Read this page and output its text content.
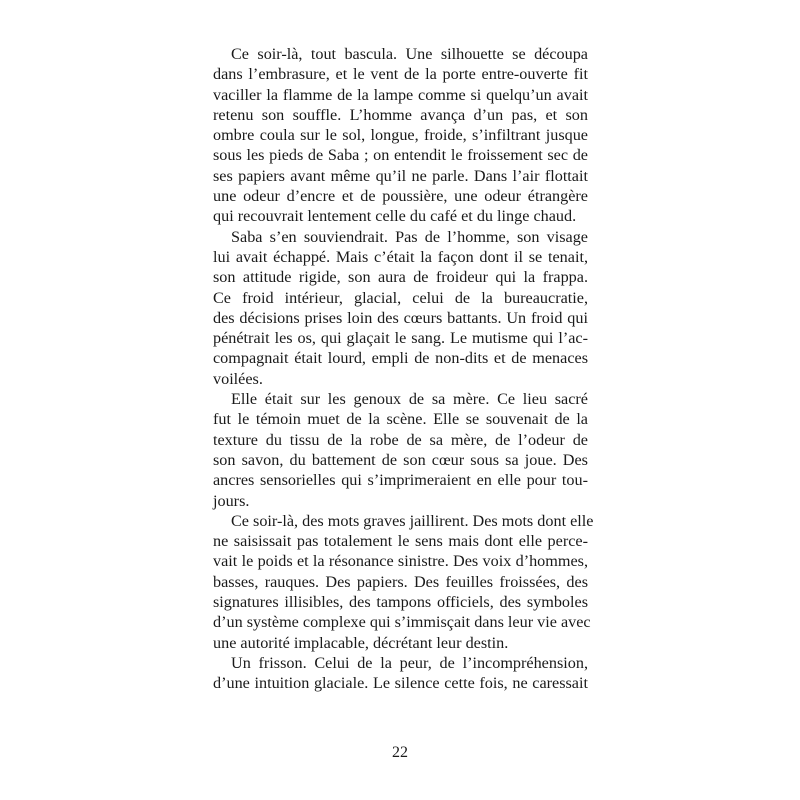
Ce soir-là, tout bascula. Une silhouette se découpa
dans l’embrasure, et le vent de la porte entre-ouverte fit
vaciller la flamme de la lampe comme si quelqu’un avait
retenu son souffle. L’homme avança d’un pas, et son
ombre coula sur le sol, longue, froide, s’infiltrant jusque
sous les pieds de Saba ; on entendit le froissement sec de
ses papiers avant même qu’il ne parle. Dans l’air flottait
une odeur d’encre et de poussière, une odeur étrangère
qui recouvrait lentement celle du café et du linge chaud.
Saba s’en souviendrait. Pas de l’homme, son visage
lui avait échappé. Mais c’était la façon dont il se tenait,
son attitude rigide, son aura de froideur qui la frappa.
Ce froid intérieur, glacial, celui de la bureaucratie,
des décisions prises loin des cœurs battants. Un froid qui
pénétrait les os, qui glaçait le sang. Le mutisme qui l’ac-
compagnait était lourd, empli de non-dits et de menaces
voilées.
Elle était sur les genoux de sa mère. Ce lieu sacré
fut le témoin muet de la scène. Elle se souvenait de la
texture du tissu de la robe de sa mère, de l’odeur de
son savon, du battement de son cœur sous sa joue. Des
ancres sensorielles qui s’imprimeraient en elle pour tou-
jours.
Ce soir-là, des mots graves jaillirent. Des mots dont elle
ne saisissait pas totalement le sens mais dont elle perce-
vait le poids et la résonance sinistre. Des voix d’hommes,
basses, rauques. Des papiers. Des feuilles froissées, des
signatures illisibles, des tampons officiels, des symboles
d’un système complexe qui s’immisçait dans leur vie avec
une autorité implacable, décrétant leur destin.
Un frisson. Celui de la peur, de l’incompréhension,
d’une intuition glaciale. Le silence cette fois, ne caressait
22
